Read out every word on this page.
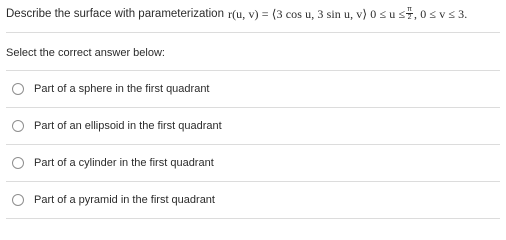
Describe the surface with parameterization r(u, v) = ⟨3 cos u, 3 sin u, v⟩ $0 \le u \le \frac{\pi}{2}$ , 0 ≤ v ≤ 3.
Select the correct answer below:
Part of a sphere in the first quadrant
Part of an ellipsoid in the first quadrant
Part of a cylinder in the first quadrant
Part of a pyramid in the first quadrant
